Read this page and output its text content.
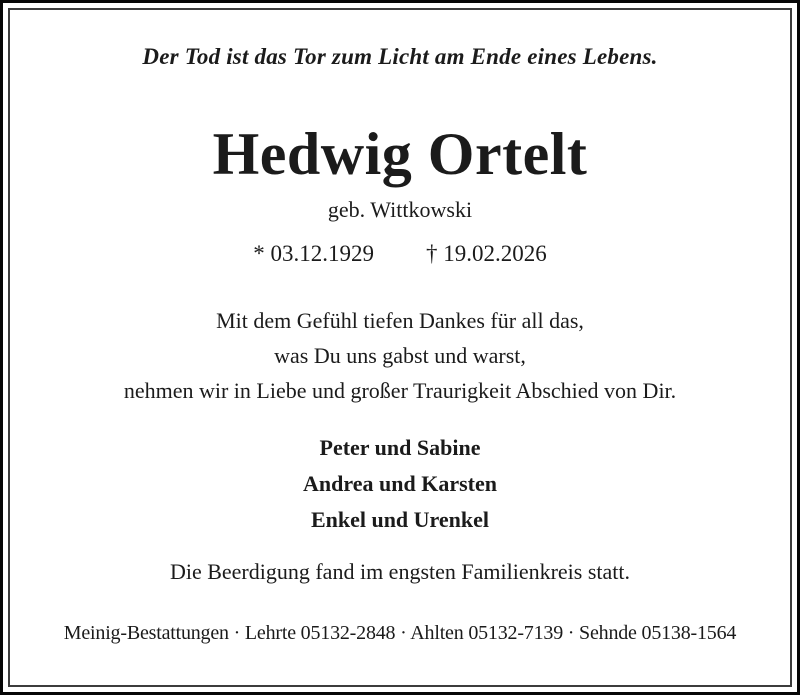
Der Tod ist das Tor zum Licht am Ende eines Lebens.
Hedwig Ortelt
geb. Wittkowski
* 03.12.1929 † 19.02.2026
Mit dem Gefühl tiefen Dankes für all das,
was Du uns gabst und warst,
nehmen wir in Liebe und großer Traurigkeit Abschied von Dir.
Peter und Sabine
Andrea und Karsten
Enkel und Urenkel
Die Beerdigung fand im engsten Familienkreis statt.
Meinig-Bestattungen · Lehrte 05132-2848 · Ahlten 05132-7139 · Sehnde 05138-1564
